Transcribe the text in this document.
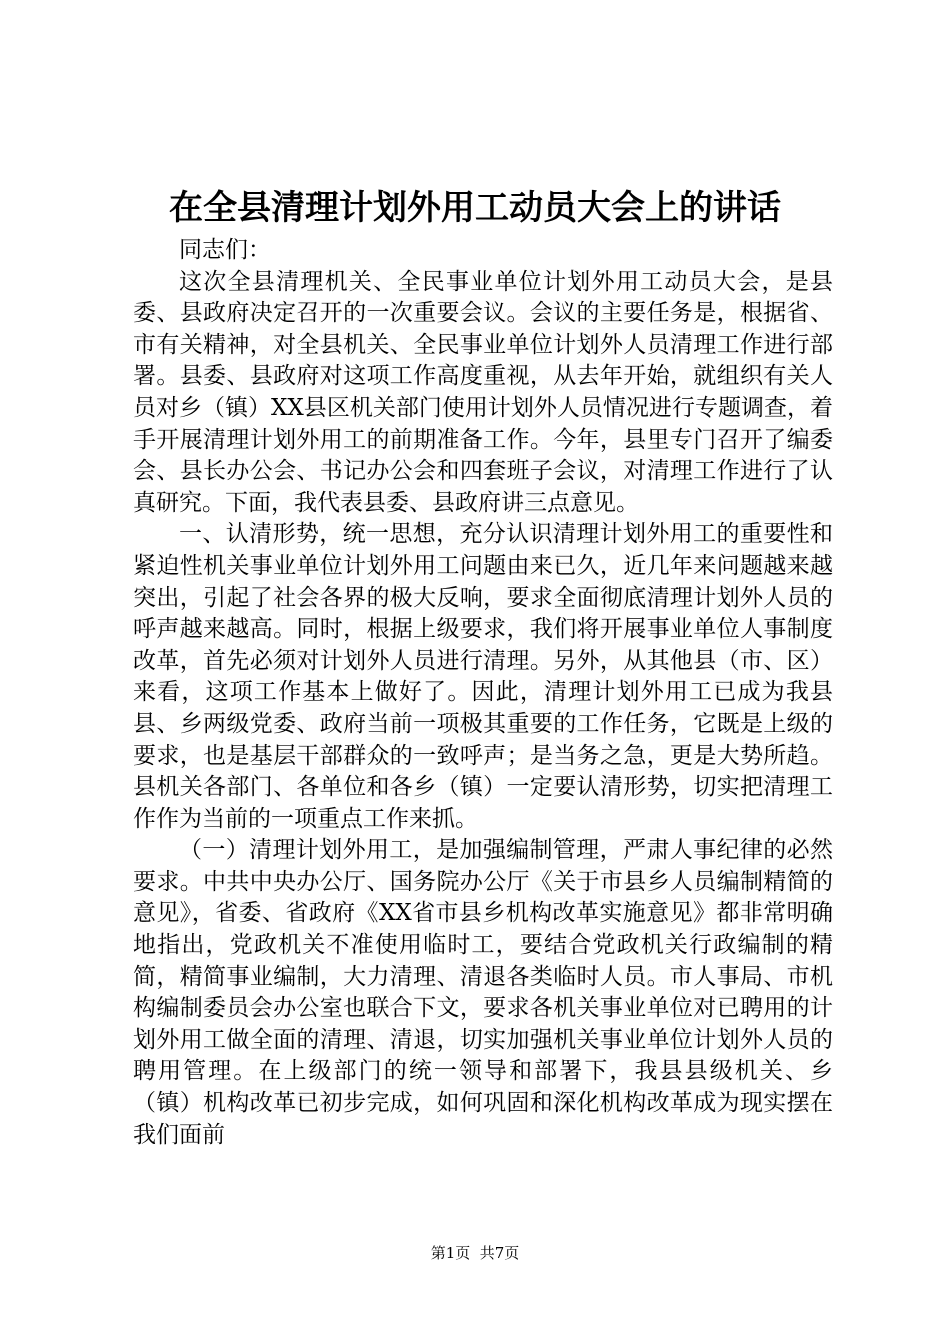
在全县清理计划外用工动员大会上的讲话

同志们：

这次全县清理机关、全民事业单位计划外用工动员大会，是县委、县政府决定召开的一次重要会议。会议的主要任务是，根据省、市有关精神，对全县机关、全民事业单位计划外人员清理工作进行部署。县委、县政府对这项工作高度重视，从去年开始，就组织有关人员对乡（镇）XX县区机关部门使用计划外人员情况进行专题调查，着手开展清理计划外用工的前期准备工作。今年，县里专门召开了编委会、县长办公会、书记办公会和四套班子会议，对清理工作进行了认真研究。下面，我代表县委、县政府讲三点意见。

一、认清形势，统一思想，充分认识清理计划外用工的重要性和紧迫性机关事业单位计划外用工问题由来已久，近几年来问题越来越突出，引起了社会各界的极大反响，要求全面彻底清理计划外人员的呼声越来越高。同时，根据上级要求，我们将开展事业单位人事制度改革，首先必须对计划外人员进行清理。另外，从其他县（市、区）来看，这项工作基本上做好了。因此，清理计划外用工已成为我县县、乡两级党委、政府当前一项极其重要的工作任务，它既是上级的要求，也是基层干部群众的一致呼声；是当务之急，更是大势所趋。县机关各部门、各单位和各乡（镇）一定要认清形势，切实把清理工作作为当前的一项重点工作来抓。

（一）清理计划外用工，是加强编制管理，严肃人事纪律的必然要求。中共中央办公厅、国务院办公厅《关于市县乡人员编制精简的意见》，省委、省政府《XX省市县乡机构改革实施意见》都非常明确地指出，党政机关不准使用临时工，要结合党政机关行政编制的精简，精简事业编制，大力清理、清退各类临时人员。市人事局、市机构编制委员会办公室也联合下文，要求各机关事业单位对已聘用的计划外用工做全面的清理、清退，切实加强机关事业单位计划外人员的聘用管理。在上级部门的统一领导和部署下，我县县级机关、乡（镇）机构改革已初步完成，如何巩固和深化机构改革成为现实摆在我们面前

第1页  共7页
